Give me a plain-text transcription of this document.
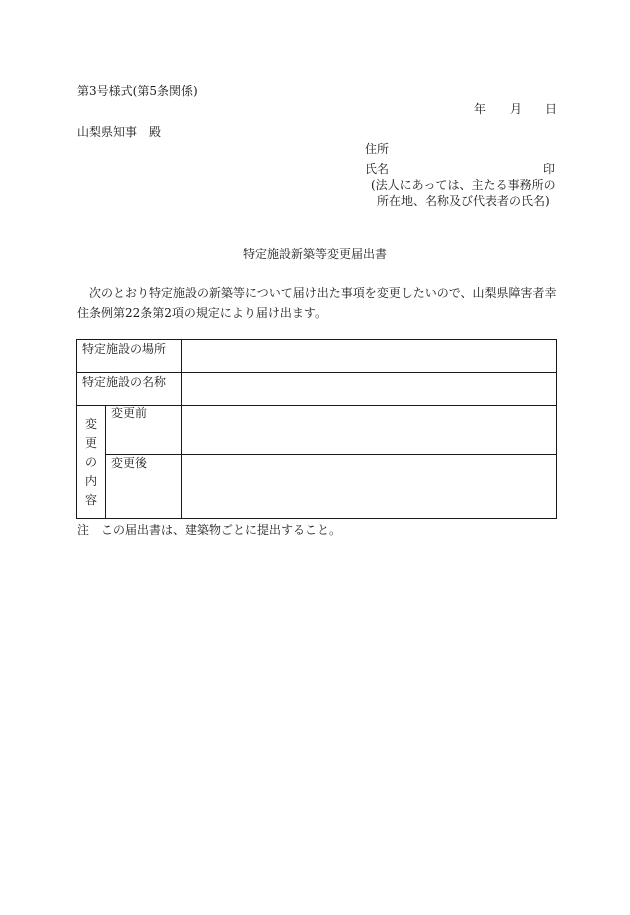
第3号様式(第5条関係)
年 月 日
山梨県知事　殿
住所
氏名	印
(法人にあっては、主たる事務所の
所在地、名称及び代表者の氏名)
特定施設新築等変更届出書
次のとおり特定施設の新築等について届け出た事項を変更したいので、山梨県障害者幸住条例第22条第2項の規定により届け出ます。
特定施設の場所
特定施設の名称
変
更
の
内
容
変更前
変更後
注　この届出書は、建築物ごとに提出すること。
